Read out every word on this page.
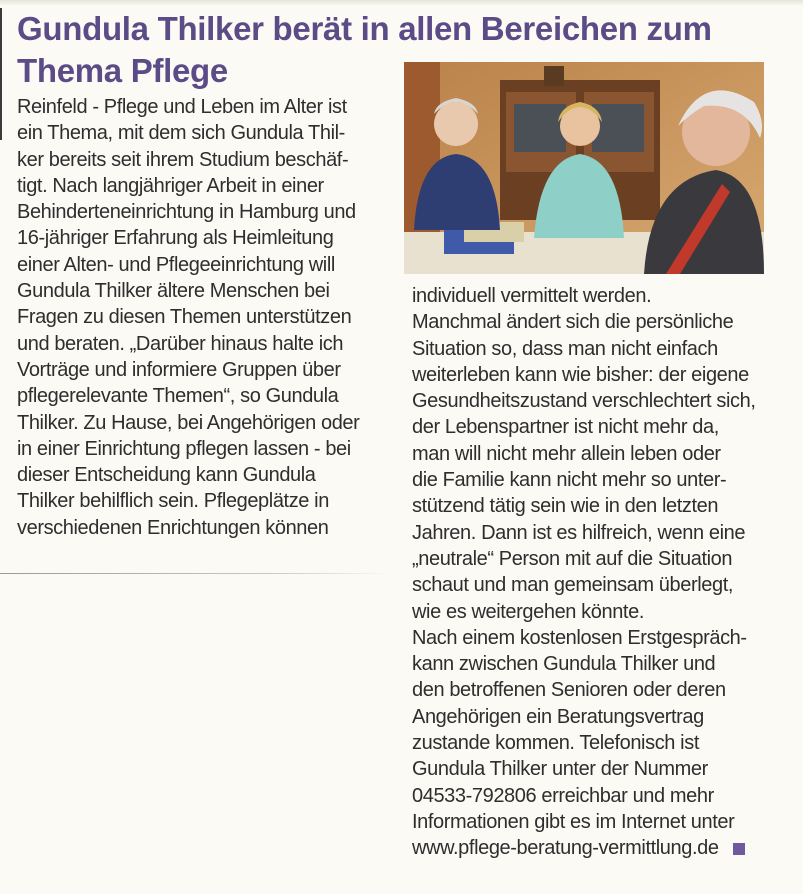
Gundula Thilker berät in allen Bereichen zum
Thema Pflege
Reinfeld - Pflege und Leben im Alter ist
ein Thema, mit dem sich Gundula Thil-
ker bereits seit ihrem Studium beschäf-
tigt. Nach langjähriger Arbeit in einer
Behinderteneinrichtung in Hamburg und
16-jähriger Erfahrung als Heimleitung
einer Alten- und Pflegeeinrichtung will
Gundula Thilker ältere Menschen bei
Fragen zu diesen Themen unterstützen
und beraten. „Darüber hinaus halte ich
Vorträge und informiere Gruppen über
pflegerelevante Themen“, so Gundula
Thilker. Zu Hause, bei Angehörigen oder
in einer Einrichtung pflegen lassen - bei
dieser Entscheidung kann Gundula
Thilker behilflich sein. Pflegeplätze in
verschiedenen Enrichtungen können
individuell vermittelt werden.
Manchmal ändert sich die persönliche
Situation so, dass man nicht einfach
weiterleben kann wie bisher: der eigene
Gesundheitszustand verschlechtert sich,
der Lebenspartner ist nicht mehr da,
man will nicht mehr allein leben oder
die Familie kann nicht mehr so unter-
stützend tätig sein wie in den letzten
Jahren. Dann ist es hilfreich, wenn eine
„neutrale“ Person mit auf die Situation
schaut und man gemeinsam überlegt,
wie es weitergehen könnte.
Nach einem kostenlosen Erstgespräch-
kann zwischen Gundula Thilker und
den betroffenen Senioren oder deren
Angehörigen ein Beratungsvertrag
zustande kommen. Telefonisch ist
Gundula Thilker unter der Nummer
04533-792806 erreichbar und mehr
Informationen gibt es im Internet unter
www.pflege-beratung-vermittlung.de
